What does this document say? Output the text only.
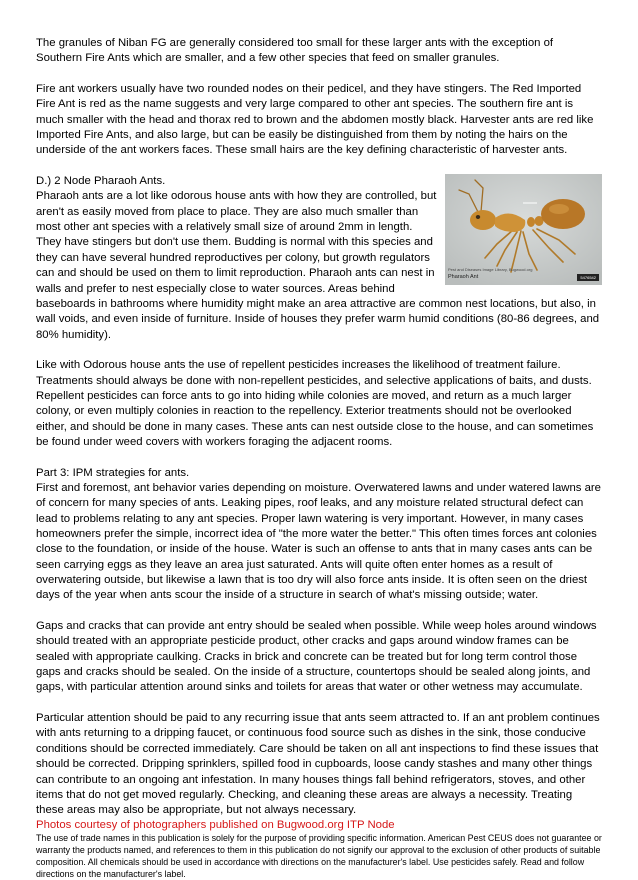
The granules of Niban FG are generally considered too small for these larger ants with the exception of Southern Fire Ants which are smaller, and a few other species that feed on smaller granules.

Fire ant workers usually have two rounded nodes on their pedicel, and they have stingers. The Red Imported Fire Ant is red as the name suggests and very large compared to other ant species. The southern fire ant is much smaller with the head and thorax red to brown and the abdomen mostly black. Harvester ants are red like Imported Fire Ants, and also large, but can be easily be distinguished from them by noting the hairs on the underside of the ant workers faces. These small hairs are the key defining characteristic of harvester ants.

Pest and Diseases Image Library, Bugwood.org
Pharaoh Ant	5476542

D.) 2 Node Pharaoh Ants.

Pharaoh ants are a lot like odorous house ants with how they are controlled, but aren't as easily moved from place to place. They are also much smaller than most other ant species with a relatively small size of around 2mm in length. They have stingers but don't use them. Budding is normal with this species and they can have several hundred reproductives per colony, but growth regulators can and should be used on them to limit reproduction. Pharaoh ants can nest in walls and prefer to nest especially close to water sources. Areas behind baseboards in bathrooms where humidity might make an area attractive are common nest locations, but also, in wall voids, and even inside of furniture. Inside of houses they prefer warm humid conditions (80-86 degrees, and 80% humidity).

Like with Odorous house ants the use of repellent pesticides increases the likelihood of treatment failure. Treatments should always be done with non-repellent pesticides, and selective applications of baits, and dusts. Repellent pesticides can force ants to go into hiding while colonies are moved, and return as a much larger colony, or even multiply colonies in reaction to the repellency. Exterior treatments should not be overlooked either, and should be done in many cases. These ants can nest outside close to the house, and can sometimes be found under weed covers with workers foraging the adjacent rooms.

Part 3: IPM strategies for ants.

First and foremost, ant behavior varies depending on moisture. Overwatered lawns and under watered lawns are of concern for many species of ants. Leaking pipes, roof leaks, and any moisture related structural defect can lead to problems relating to any ant species. Proper lawn watering is very important. However, in many cases homeowners prefer the simple, incorrect idea of "the more water the better." This often times forces ant colonies close to the foundation, or inside of the house. Water is such an offense to ants that in many cases ants can be seen carrying eggs as they leave an area just saturated. Ants will quite often enter homes as a result of overwatering outside, but likewise a lawn that is too dry will also force ants inside. It is often seen on the driest days of the year when ants scour the inside of a structure in search of what's missing outside; water.

Gaps and cracks that can provide ant entry should be sealed when possible. While weep holes around windows should treated with an appropriate pesticide product, other cracks and gaps around window frames can be sealed with appropriate caulking. Cracks in brick and concrete can be treated but for long term control those gaps and cracks should be sealed. On the inside of a structure, countertops should be sealed along joints, and gaps, with particular attention around sinks and toilets for areas that water or other wetness may accumulate.

Particular attention should be paid to any recurring issue that ants seem attracted to. If an ant problem continues with ants returning to a dripping faucet, or continuous food source such as dishes in the sink, those conducive conditions should be corrected immediately. Care should be taken on all ant inspections to find these issues that should be corrected. Dripping sprinklers, spilled food in cupboards, loose candy stashes and many other things can contribute to an ongoing ant infestation. In many houses things fall behind refrigerators, stoves, and other items that do not get moved regularly. Checking, and cleaning these areas are always a necessity. Treating these areas may also be appropriate, but not always necessary.

Photos courtesy of photographers published on Bugwood.org ITP Node

The use of trade names in this publication is solely for the purpose of providing specific information. American Pest CEUS does not guarantee or warranty the products named, and references to them in this publication do not signify our approval to the exclusion of other products of suitable composition. All chemicals should be used in accordance with directions on the manufacturer's label. Use pesticides safely. Read and follow directions on the manufacturer's label.
